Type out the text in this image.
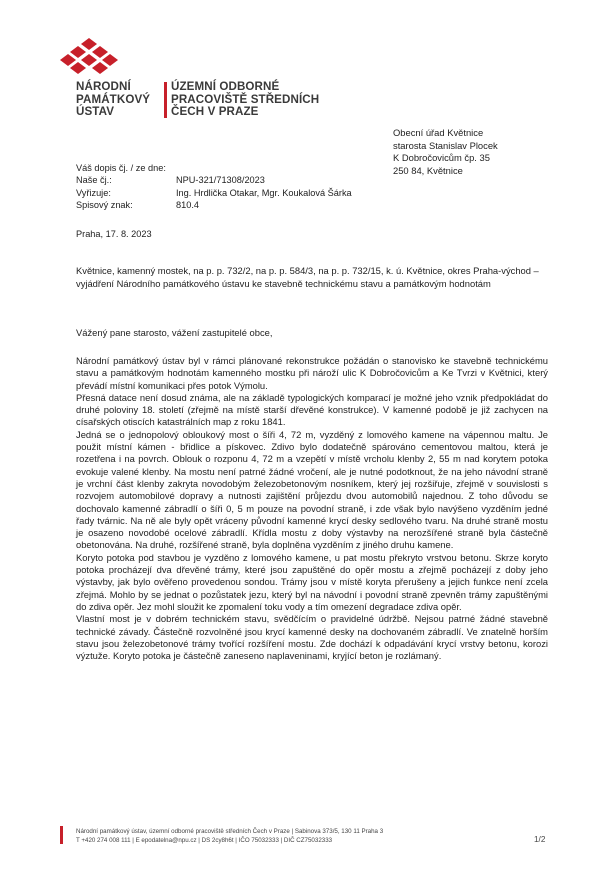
NÁRODNÍ
PAMÁTKOVÝ
ÚSTAV
ÚZEMNÍ ODBORNÉ
PRACOVIŠTĚ STŘEDNÍCH
ČECH V PRAZE
Obecní úřad Květnice
starosta Stanislav Plocek
K Dobročovicům čp. 35
250 84, Květnice
Váš dopis čj. / ze dne:
Naše čj.:	NPU-321/71308/2023
Vyřizuje:	Ing. Hrdlička Otakar, Mgr. Koukalová Šárka
Spisový znak:	810.4
Praha, 17. 8. 2023
Květnice, kamenný mostek, na p. p. 732/2, na p. p. 584/3, na p. p. 732/15, k. ú. Květnice, okres Praha-východ – vyjádření Národního památkového ústavu ke stavebně technickému stavu a památkovým hodnotám
Vážený pane starosto, vážení zastupitelé obce,

Národní památkový ústav byl v rámci plánované rekonstrukce požádán o stanovisko ke stavebně technickému stavu a památkovým hodnotám kamenného mostku při nároží ulic K Dobročovicům a Ke Tvrzi v Květnici, který převádí místní komunikaci přes potok Výmolu.

Přesná datace není dosud známa, ale na základě typologických komparací je možné jeho vznik předpokládat do druhé poloviny 18. století (zřejmě na místě starší dřevěné konstrukce). V kamenné podobě je již zachycen na císařských otiscích katastrálních map z roku 1841.

Jedná se o jednopolový obloukový most o šíři 4, 72 m, vyzděný z lomového kamene na vápennou maltu. Je použit místní kámen - břidlice a pískovec. Zdivo bylo dodatečně spárováno cementovou maltou, která je rozetřena i na povrch. Oblouk o rozponu 4, 72 m a vzepětí v místě vrcholu klenby 2, 55 m nad korytem potoka evokuje valené klenby. Na mostu není patrné žádné vročení, ale je nutné podotknout, že na jeho návodní straně je vrchní část klenby zakryta novodobým železobetonovým nosníkem, který jej rozšiřuje, zřejmě v souvislosti s rozvojem automobilové dopravy a nutnosti zajištění průjezdu dvou automobilů najednou. Z toho důvodu se dochovalo kamenné zábradlí o šíři 0, 5 m pouze na povodní straně, i zde však bylo navýšeno vyzděním jedné řady tvárnic. Na ně ale byly opět vráceny původní kamenné krycí desky sedlového tvaru. Na druhé straně mostu je osazeno novodobé ocelové zábradlí. Křídla mostu z doby výstavby na nerozšířené straně byla částečně obetonována. Na druhé, rozšířené straně, byla doplněna vyzděním z jiného druhu kamene.

Koryto potoka pod stavbou je vyzděno z lomového kamene, u pat mostu překryto vrstvou betonu. Skrze koryto potoka procházejí dva dřevěné trámy, které jsou zapuštěné do opěr mostu a zřejmě pocházejí z doby jeho výstavby, jak bylo ověřeno provedenou sondou. Trámy jsou v místě koryta přerušeny a jejich funkce není zcela zřejmá. Mohlo by se jednat o pozůstatek jezu, který byl na návodní i povodní straně zpevněn trámy zapuštěnými do zdiva opěr. Jez mohl sloužit ke zpomalení toku vody a tím omezení degradace zdiva opěr.

Vlastní most je v dobrém technickém stavu, svědčícím o pravidelné údržbě. Nejsou patrné žádné stavebně technické závady. Částečně rozvolněné jsou krycí kamenné desky na dochovaném zábradlí. Ve znatelně horším stavu jsou železobetonové trámy tvořící rozšíření mostu. Zde dochází k odpadávání krycí vrstvy betonu, korozi výztuže. Koryto potoka je částečně zaneseno naplaveninami, kryjící beton je rozlámaný.

Národní památkový ústav, územní odborné pracoviště středních Čech v Praze | Sabinova 373/5, 130 11 Praha 3
T +420 274 008 111 | E epodatelna@npu.cz | DS 2cy8h6t | IČO 75032333 | DIČ CZ75032333	1/2
